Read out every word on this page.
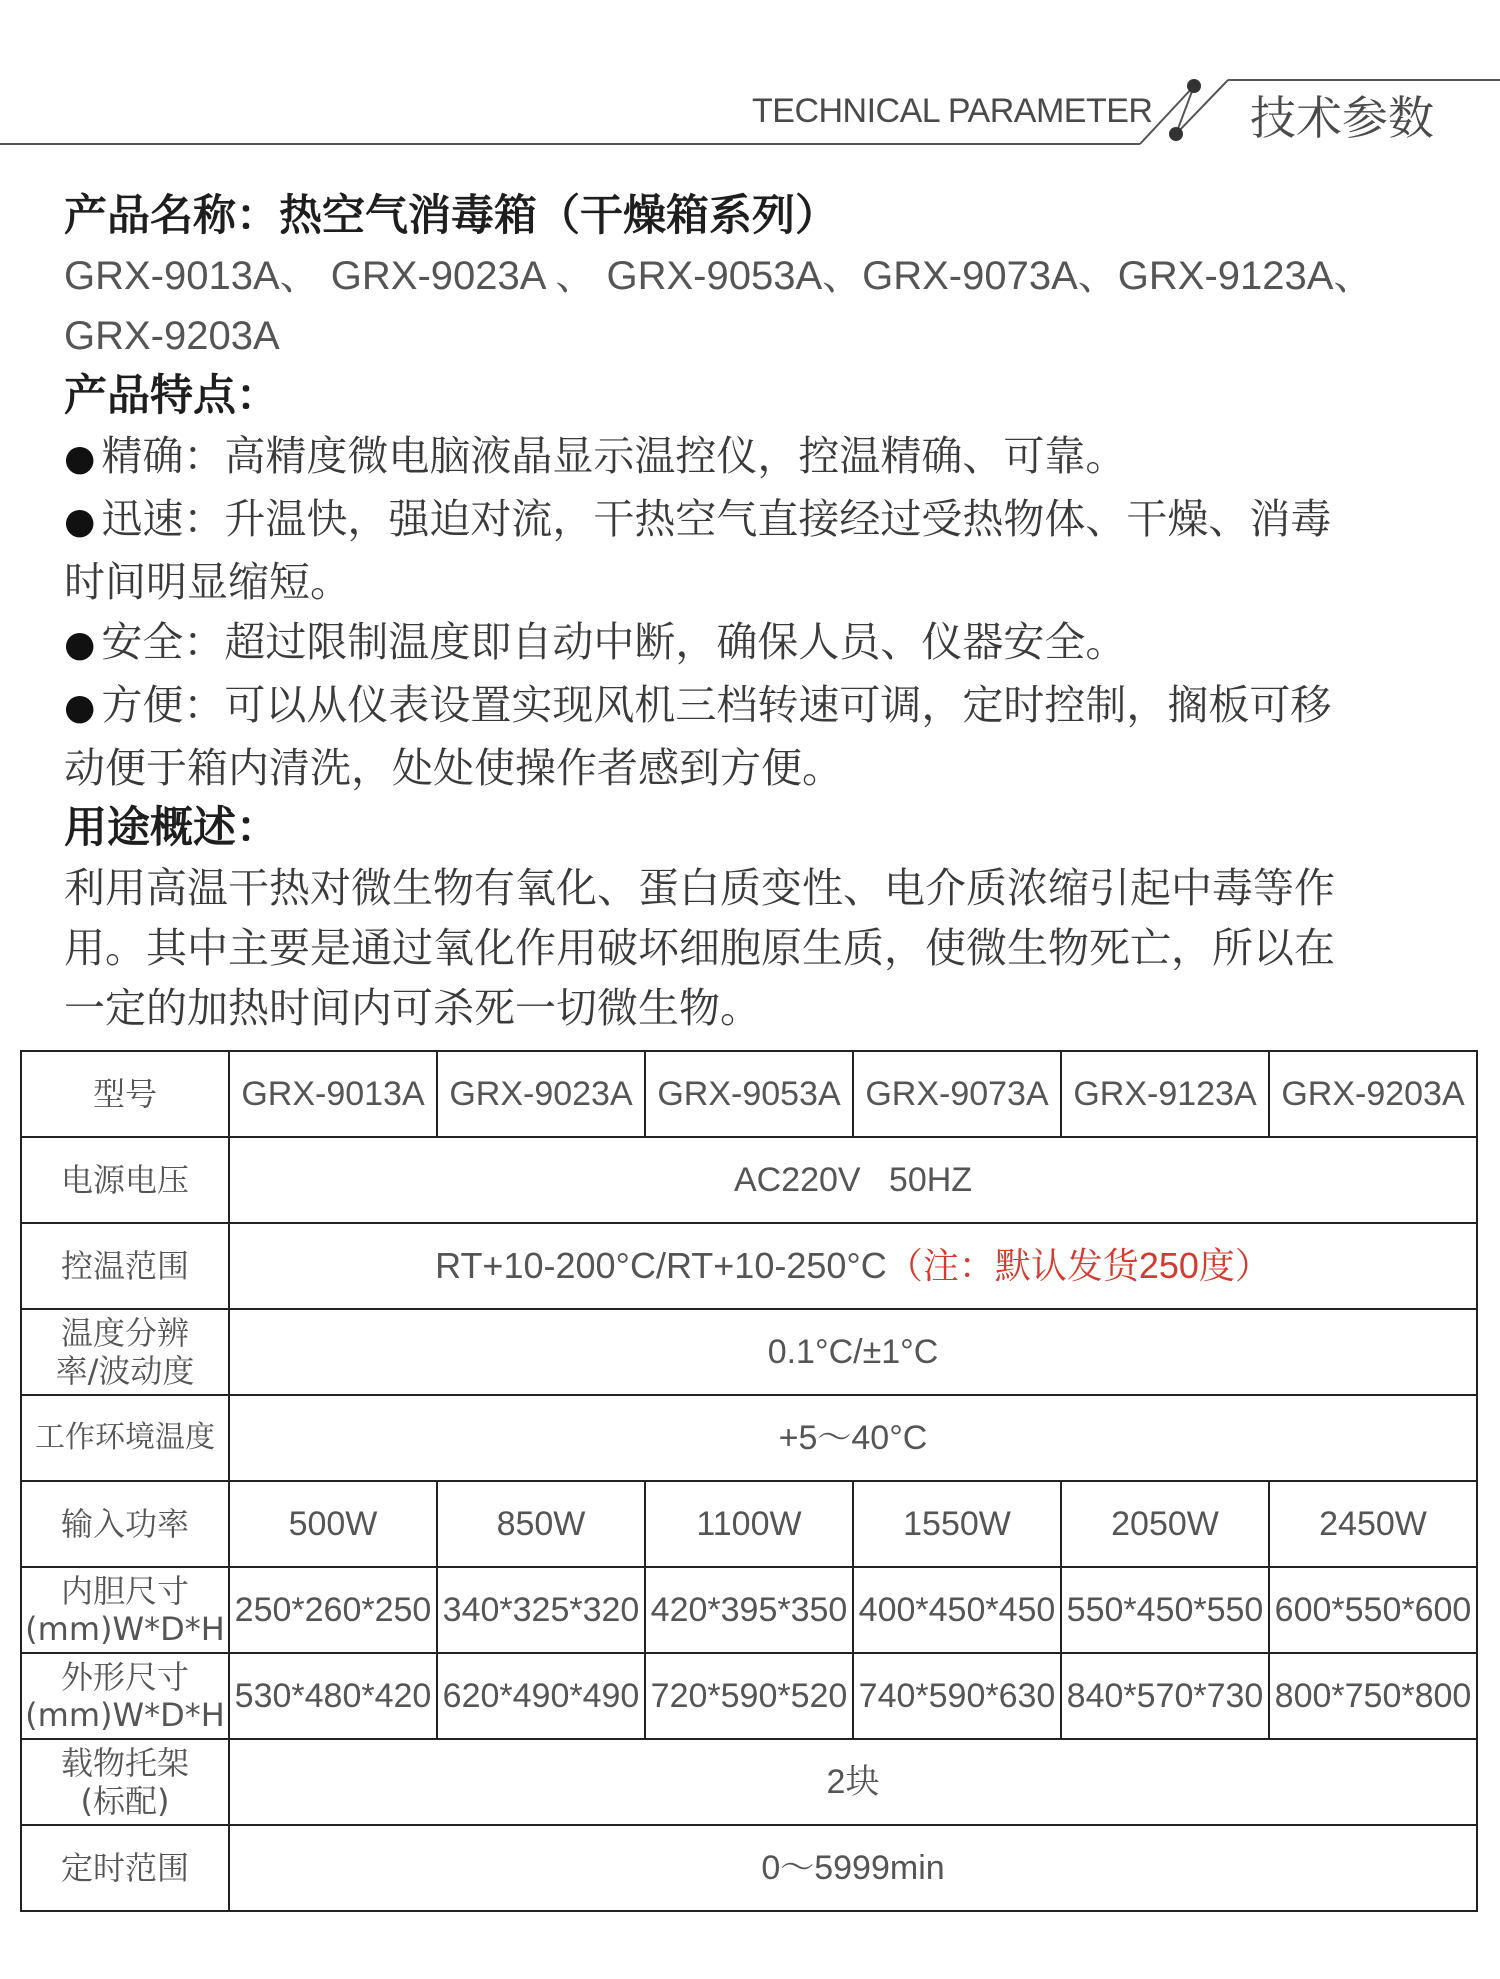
TECHNICAL PARAMETER 技术参数
产品名称：热空气消毒箱（干燥箱系列）
GRX-9013A、 GRX-9023A 、 GRX-9053A、GRX-9073A、GRX-9123A、
GRX-9203A
产品特点：
● 精确：高精度微电脑液晶显示温控仪，控温精确、可靠。
● 迅速：升温快，强迫对流，干热空气直接经过受热物体、干燥、消毒
时间明显缩短。
● 安全：超过限制温度即自动中断，确保人员、仪器安全。
● 方便：可以从仪表设置实现风机三档转速可调，定时控制，搁板可移
动便于箱内清洗，处处使操作者感到方便。
用途概述：
利用高温干热对微生物有氧化、蛋白质变性、电介质浓缩引起中毒等作
用。其中主要是通过氧化作用破坏细胞原生质，使微生物死亡，所以在
一定的加热时间内可杀死一切微生物。
型号	GRX-9013A	GRX-9023A	GRX-9053A	GRX-9073A	GRX-9123A	GRX-9203A
电源电压	AC220V   50HZ					
控温范围	RT+10-200°C/RT+10-250°C（注：默认发货250度）					

温度分辨
率/波动度	0.1°C/±1°C					
工作环境温度	+5～40°C					
输入功率	500W	850W	1100W	1550W	2050W	2450W

内胆尺寸
(mm)W*D*H	250*260*250	340*325*320	420*395*350	400*450*450	550*450*550	600*550*600

外形尺寸
(mm)W*D*H	530*480*420	620*490*490	720*590*520	740*590*630	840*570*730	800*750*800

载物托架
(标配)	2块					
定时范围	0～5999min					
